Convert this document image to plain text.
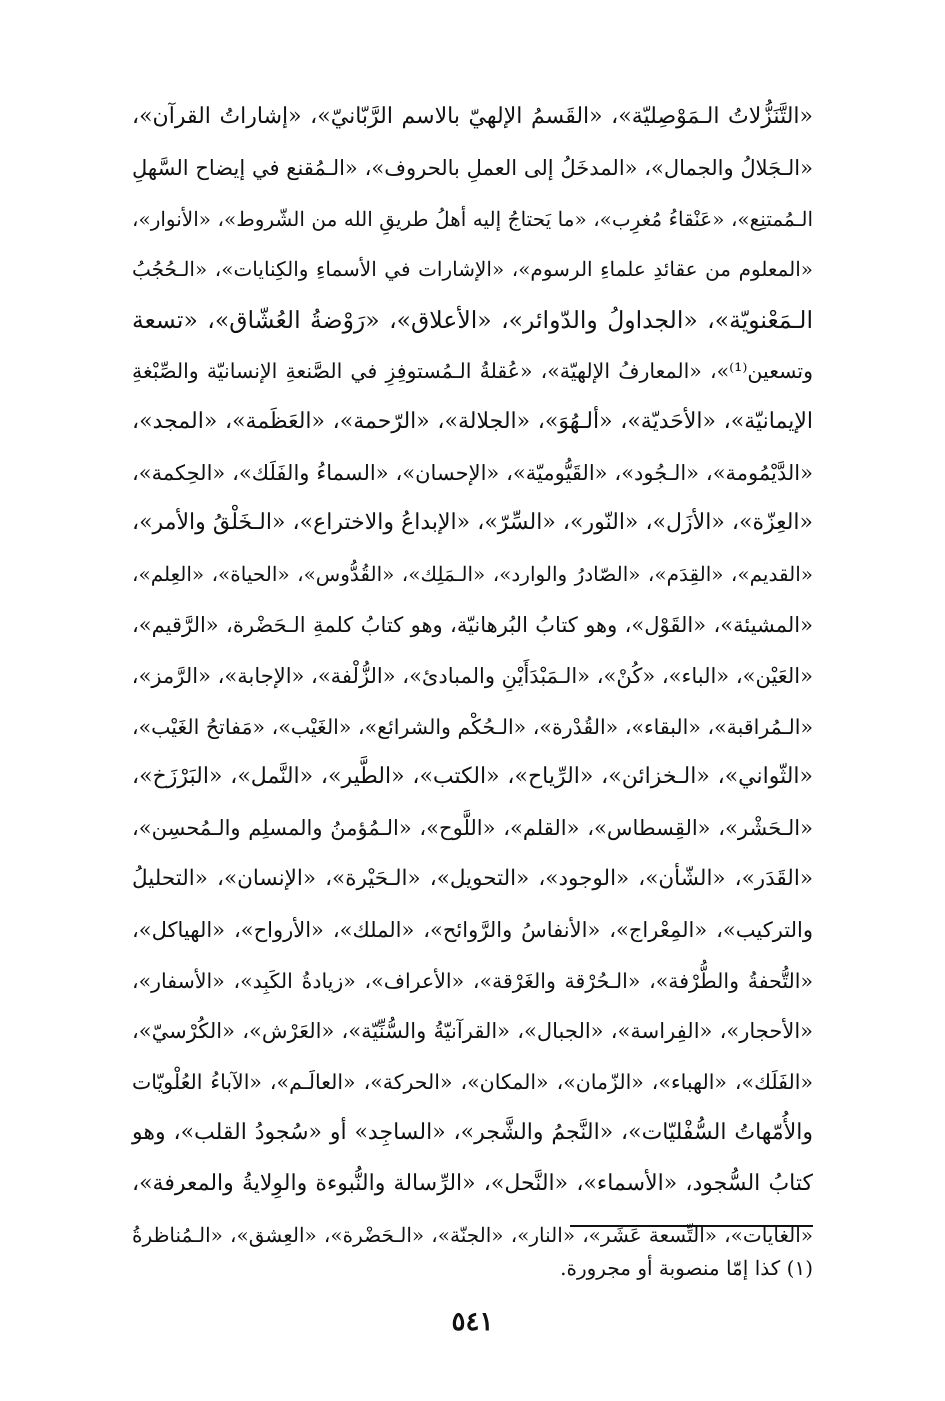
«التَّنَزُّلاتُ الـمَوْصِليّة»، «القَسمُ الإلهيّ بالاسم الرَّبّانيّ»، «إشاراتُ القرآن»،
«الـجَلالُ والجمال»، «المدخَلُ إلى العملِ بالحروف»، «الـمُقنع في إيضاح السَّهلِ
الـمُمتنِع»، «عَنْقاءُ مُغرِب»، «ما يَحتاجُ إليه أهلُ طريقِ الله من الشّروط»، «الأنوار»،
«المعلوم من عقائدِ علماءِ الرسوم»، «الإشارات في الأسماءِ والكِنايات»، «الـحُجُبُ
الـمَعْنويّة»، «الجداولُ والدّوائر»، «الأعلاق»، «رَوْضةُ العُشّاق»، «تسعة
وتسعين⁽¹⁾»، «المعارفُ الإلهيّة»، «عُقلةُ الـمُستوفِزِ في الصَّنعةِ الإنسانيّة والصِّبْغةِ
الإيمانيّة»، «الأحَديّة»، «ألـهُوَ»، «الجلالة»، «الرّحمة»، «العَظَمة»، «المجد»،
«الدَّيْمُومة»، «الـجُود»، «القَيُّوميّة»، «الإحسان»، «السماءُ والفَلَك»، «الحِكمة»،
«العِزّة»، «الأزَل»، «النّور»، «السِّرّ»، «الإبداعُ والاختراع»، «الـخَلْقُ والأمر»،
«القديم»، «القِدَم»، «الصّادرُ والوارد»، «الـمَلِك»، «القُدُّوس»، «الحياة»، «العِلم»،
«المشيئة»، «القَوْل»، وهو كتابُ البُرهانيّة، وهو كتابُ كلمةِ الـحَضْرة، «الرَّقيم»،
«العَيْن»، «الباء»، «كُنْ»، «الـمَبْدَأَيْنِ والمبادئ»، «الزُّلْفة»، «الإجابة»، «الرَّمز»،
«الـمُراقبة»، «البقاء»، «القُدْرة»، «الـحُكْم والشرائع»، «الغَيْب»، «مَفاتحُ الغَيْب»،
«الثّواني»، «الـخزائن»، «الرِّياح»، «الكتب»، «الطَّير»، «النَّمل»، «البَرْزَخ»،
«الـحَشْر»، «القِسطاس»، «القلم»، «اللَّوح»، «الـمُؤمنُ والمسلِم والـمُحسِن»،
«القَدَر»، «الشّأن»، «الوجود»، «التحويل»، «الـحَيْرة»، «الإنسان»، «التحليلُ
والتركيب»، «المِعْراج»، «الأنفاسُ والرَّوائح»، «الملك»، «الأرواح»، «الهياكل»،
«التُّحفةُ والطُّرْفة»، «الـحُرْقة والغَرْقة»، «الأعراف»، «زيادةُ الكَبِد»، «الأسفار»،
«الأحجار»، «الفِراسة»، «الجبال»، «القرآنيّةُ والسُّنِّيّة»، «العَرْش»، «الكُرْسيّ»،
«الفَلَك»، «الهباء»، «الزّمان»، «المكان»، «الحركة»، «العالَـم»، «الآباءُ العُلْويّات
والأُمّهاتُ السُّفْليّات»، «النَّجمُ والشَّجر»، «الساجِد» أو «سُجودُ القلب»، وهو
كتابُ السُّجود، «الأسماء»، «النَّحل»، «الرِّسالة والنُّبوءة والوِلايةُ والمعرفة»،
«الغايات»، «التِّسعة عَشَر»، «النار»، «الجنّة»، «الـحَضْرة»، «العِشق»، «الـمُناظرةُ
(١) كذا إمّا منصوبة أو مجرورة.
٥٤١
